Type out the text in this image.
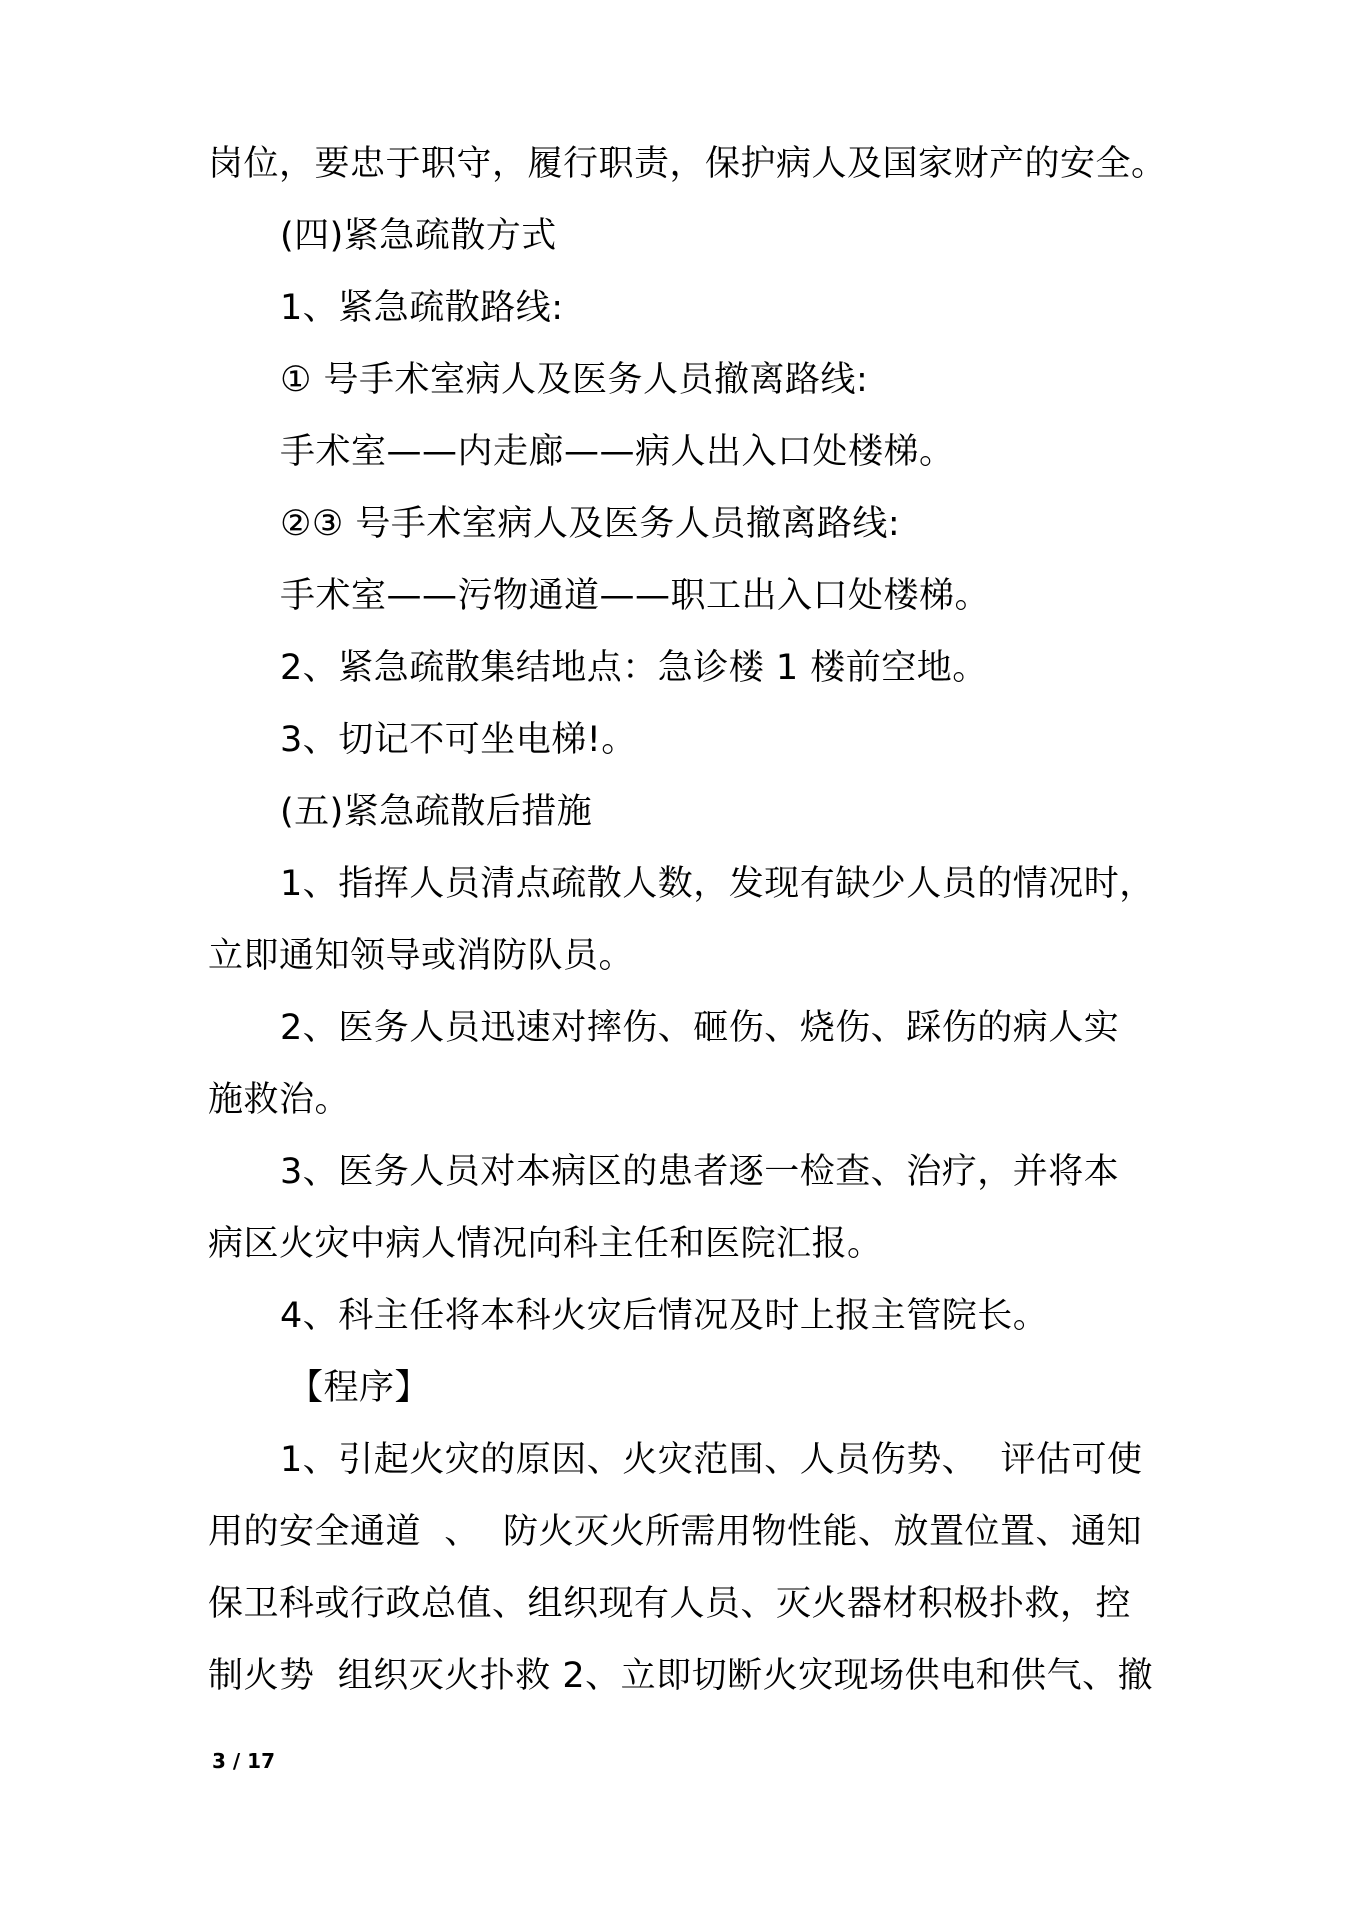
岗位，要忠于职守，履行职责，保护病人及国家财产的安全。
(四)紧急疏散方式
1、紧急疏散路线:
① 号手术室病人及医务人员撤离路线:
手术室——内走廊——病人出入口处楼梯。
②③ 号手术室病人及医务人员撤离路线:
手术室——污物通道——职工出入口处楼梯。
2、紧急疏散集结地点：急诊楼 1 楼前空地。
3、切记不可坐电梯!。
(五)紧急疏散后措施
1、指挥人员清点疏散人数，发现有缺少人员的情况时，
立即通知领导或消防队员。
2、医务人员迅速对摔伤、砸伤、烧伤、踩伤的病人实
施救治。
3、医务人员对本病区的患者逐一检查、治疗，并将本
病区火灾中病人情况向科主任和医院汇报。
4、科主任将本科火灾后情况及时上报主管院长。
【程序】
1、引起火灾的原因、火灾范围、人员伤势、  评估可使
用的安全通道  、  防火灭火所需用物性能、放置位置、通知
保卫科或行政总值、组织现有人员、灭火器材积极扑救，控
制火势  组织灭火扑救 2、立即切断火灾现场供电和供气、撤
3 / 17
